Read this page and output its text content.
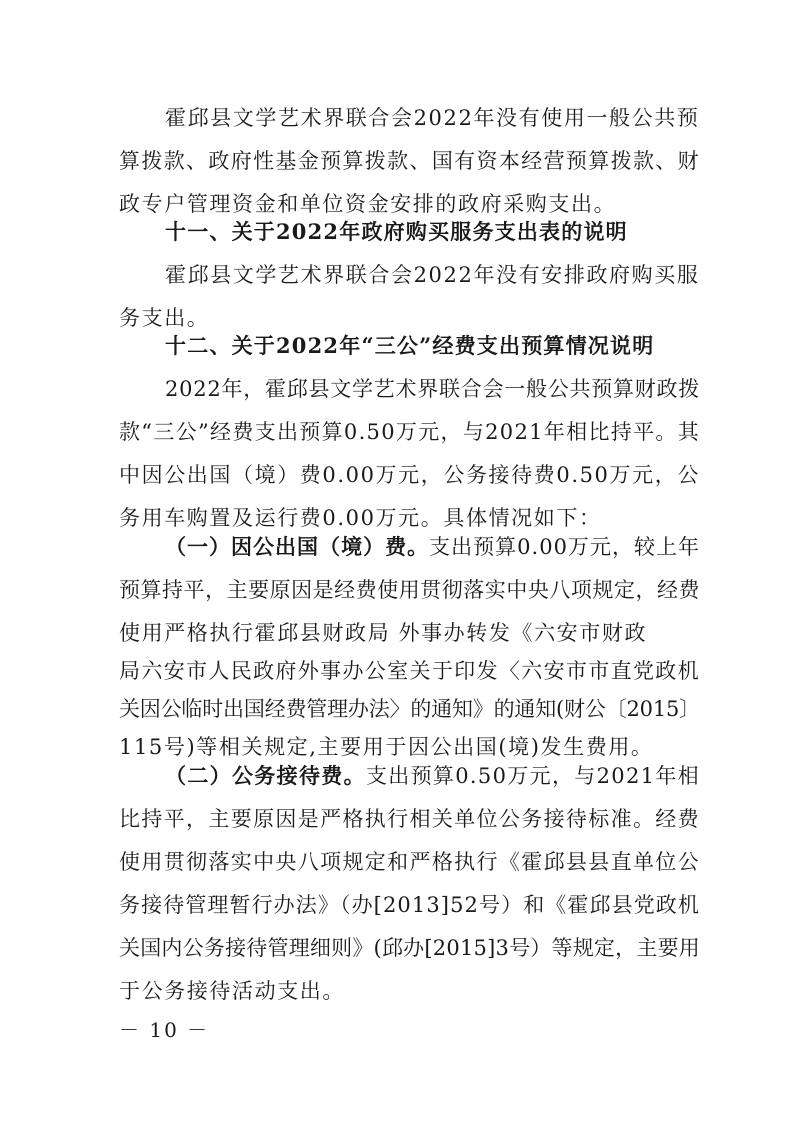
霍邱县文学艺术界联合会2022年没有使用一般公共预
算拨款、政府性基金预算拨款、国有资本经营预算拨款、财
政专户管理资金和单位资金安排的政府采购支出。
十一、关于2022年政府购买服务支出表的说明
霍邱县文学艺术界联合会2022年没有安排政府购买服
务支出。
十二、关于2022年“三公”经费支出预算情况说明
2022年，霍邱县文学艺术界联合会一般公共预算财政拨
款“三公”经费支出预算0.50万元，与2021年相比持平。其
中因公出国（境）费0.00万元，公务接待费0.50万元，公
务用车购置及运行费0.00万元。具体情况如下：
（一）因公出国（境）费。支出预算0.00万元，较上年
预算持平，主要原因是经费使用贯彻落实中央八项规定，经费
使用严格执行霍邱县财政局 外事办转发《六安市财政
局六安市人民政府外事办公室关于印发〈六安市市直党政机
关因公临时出国经费管理办法〉的通知》的通知(财公〔2015〕
115号)等相关规定,主要用于因公出国(境)发生费用。
（二）公务接待费。支出预算0.50万元，与2021年相
比持平，主要原因是严格执行相关单位公务接待标准。经费
使用贯彻落实中央八项规定和严格执行《霍邱县县直单位公
务接待管理暂行办法》（办[2013]52号）和《霍邱县党政机
关国内公务接待管理细则》(邱办[2015]3号）等规定，主要用
于公务接待活动支出。
－ 10 －
